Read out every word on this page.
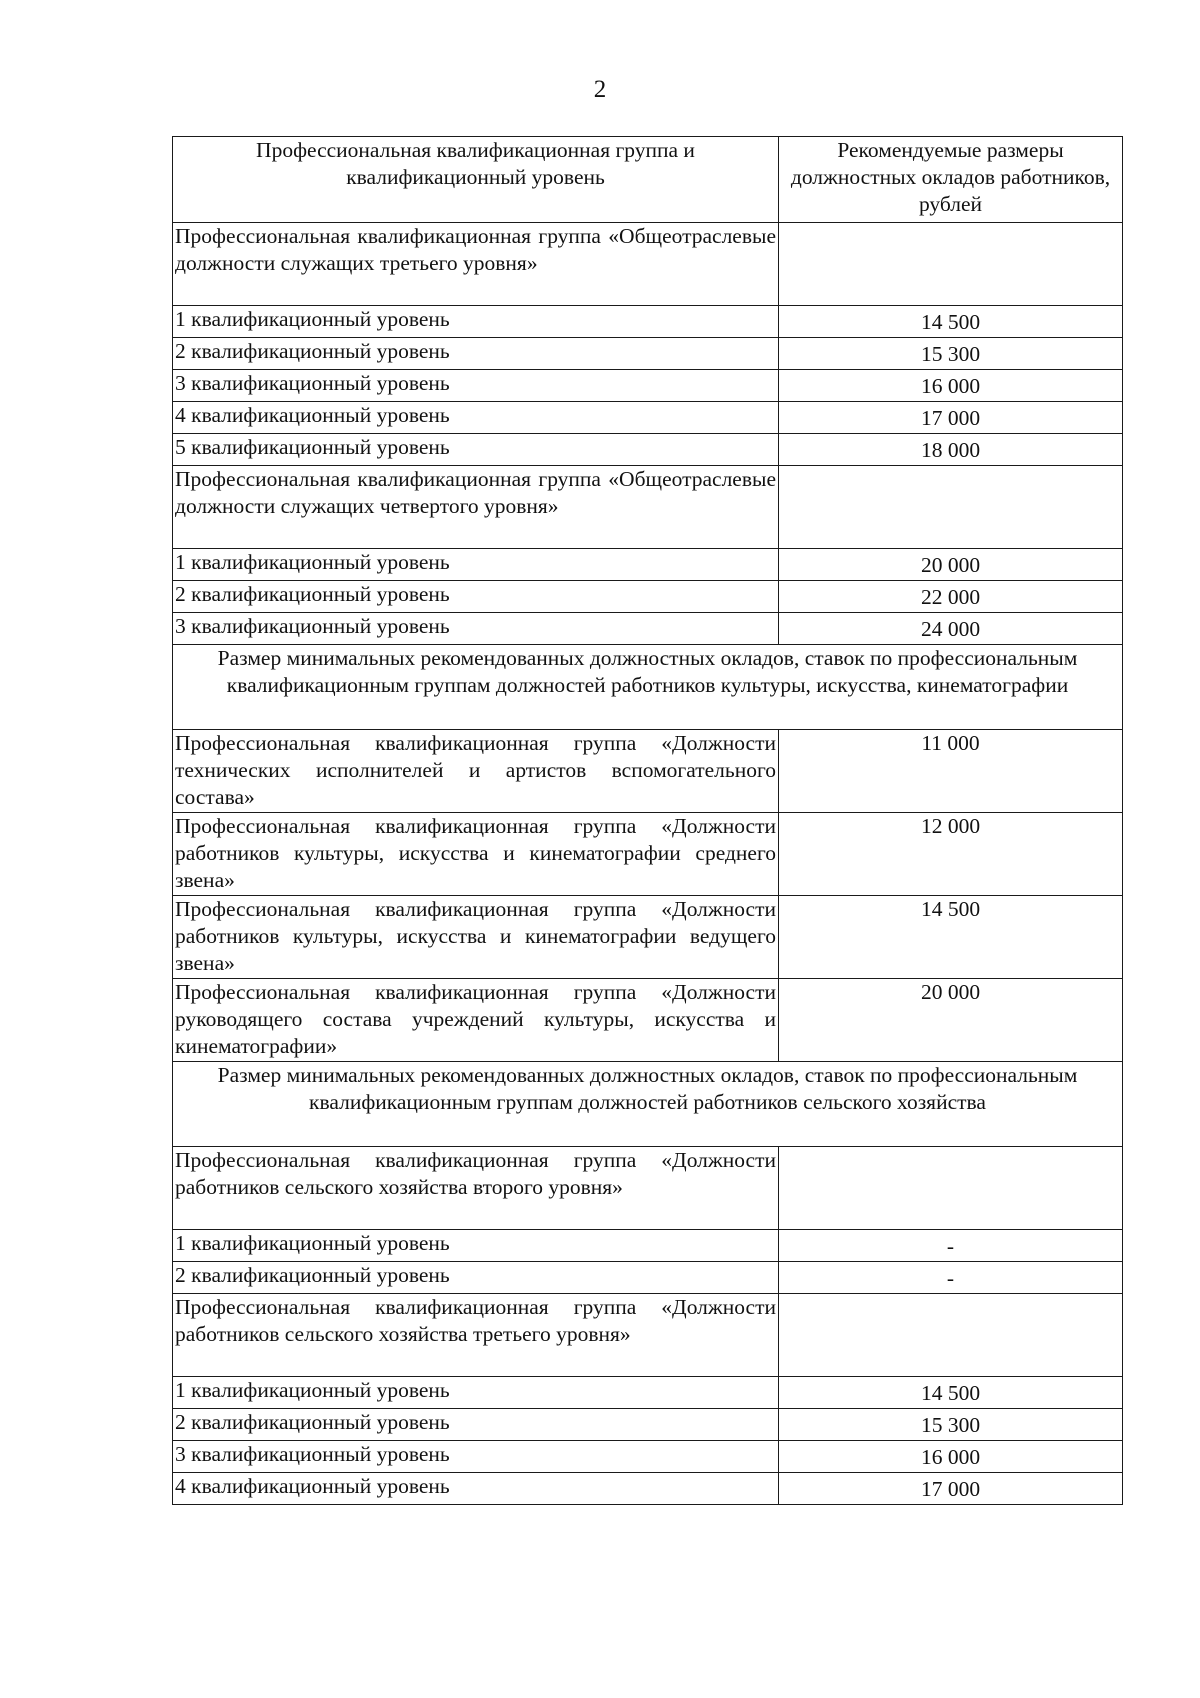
2
Профессиональная квалификационная группа и квалификационный уровень	Рекомендуемые размеры должностных окладов работников, рублей
Профессиональная квалификационная группа «Общеотраслевые должности служащих третьего уровня»	
1 квалификационный уровень	14 500
2 квалификационный уровень	15 300
3 квалификационный уровень	16 000
4 квалификационный уровень	17 000
5 квалификационный уровень	18 000
Профессиональная квалификационная группа «Общеотраслевые должности служащих четвертого уровня»	
1 квалификационный уровень	20 000
2 квалификационный уровень	22 000
3 квалификационный уровень	24 000
Размер минимальных рекомендованных должностных окладов, ставок по профессиональным квалификационным группам должностей работников культуры, искусства, кинематографии	
Профессиональная квалификационная группа «Должности технических исполнителей и артистов вспомогательного состава»	11 000
Профессиональная квалификационная группа «Должности работников культуры, искусства и кинематографии среднего звена»	12 000
Профессиональная квалификационная группа «Должности работников культуры, искусства и кинематографии ведущего звена»	14 500
Профессиональная квалификационная группа «Должности руководящего состава учреждений культуры, искусства и кинематографии»	20 000
Размер минимальных рекомендованных должностных окладов, ставок по профессиональным квалификационным группам должностей работников сельского хозяйства	
Профессиональная квалификационная группа «Должности работников сельского хозяйства второго уровня»	
1 квалификационный уровень	-
2 квалификационный уровень	-
Профессиональная квалификационная группа «Должности работников сельского хозяйства третьего уровня»	
1 квалификационный уровень	14 500
2 квалификационный уровень	15 300
3 квалификационный уровень	16 000
4 квалификационный уровень	17 000
